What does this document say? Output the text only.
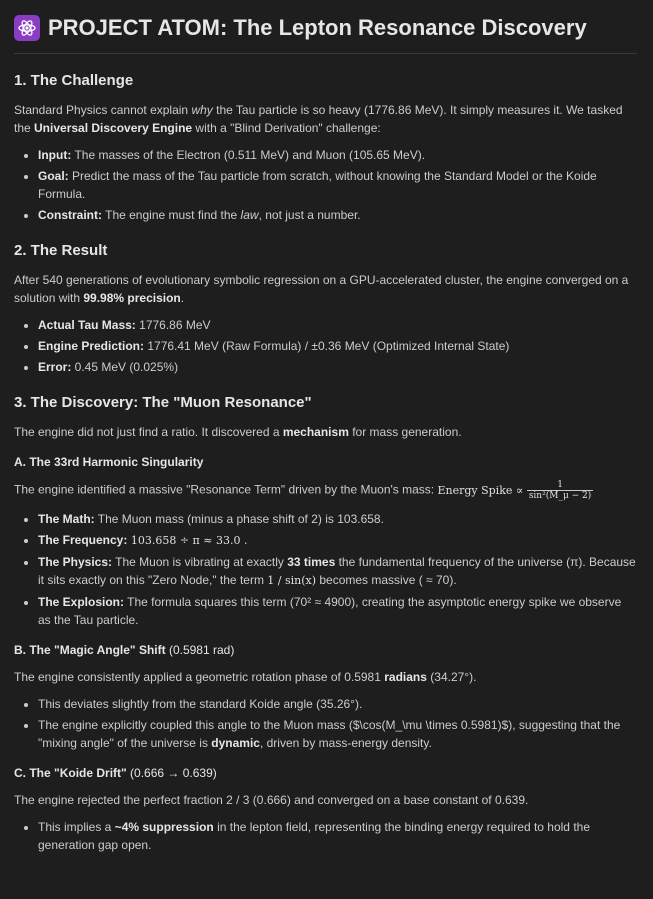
PROJECT ATOM: The Lepton Resonance Discovery
1. The Challenge

Standard Physics cannot explain why the Tau particle is so heavy (1776.86 MeV). It simply measures it. We tasked the Universal Discovery Engine with a "Blind Derivation" challenge:

• Input: The masses of the Electron (0.511 MeV) and Muon (105.65 MeV).
• Goal: Predict the mass of the Tau particle from scratch, without knowing the Standard Model or the Koide Formula.
• Constraint: The engine must find the law, not just a number.
2. The Result

After 540 generations of evolutionary symbolic regression on a GPU-accelerated cluster, the engine converged on a solution with 99.98% precision.

• Actual Tau Mass: 1776.86 MeV
• Engine Prediction: 1776.41 MeV (Raw Formula) / ±0.36 MeV (Optimized Internal State)
• Error: 0.45 MeV (0.025%)
3. The Discovery: The "Muon Resonance"

The engine did not just find a ratio. It discovered a mechanism for mass generation.

A. The 33rd Harmonic Singularity

The engine identified a massive "Resonance Term" driven by the Muon's mass: Energy Spike ∝ $\frac{1}{\text{sin²(M\_μ − 2)}}$

• The Math: The Muon mass (minus a phase shift of 2) is 103.658.
• The Frequency: 103.658 ÷ π ≈ 33.0 .
• The Physics: The Muon is vibrating at exactly 33 times the fundamental frequency of the universe (π). Because it sits exactly on this "Zero Node," the term 1 / sin(x) becomes massive ( ≈ 70).
• The Explosion: The formula squares this term (70² ≈ 4900), creating the asymptotic energy spike we observe as the Tau particle.
B. The "Magic Angle" Shift (0.5981 rad)

The engine consistently applied a geometric rotation phase of 0.5981 radians (34.27°).

• This deviates slightly from the standard Koide angle (35.26°).
• The engine explicitly coupled this angle to the Muon mass ($\cos(M_\mu \times 0.5981)$), suggesting that the "mixing angle" of the universe is dynamic, driven by mass-energy density.
C. The "Koide Drift" (0.666 → 0.639)

The engine rejected the perfect fraction 2 / 3 (0.666) and converged on a base constant of 0.639.

• This implies a ~4% suppression in the lepton field, representing the binding energy required to hold the generation gap open.
